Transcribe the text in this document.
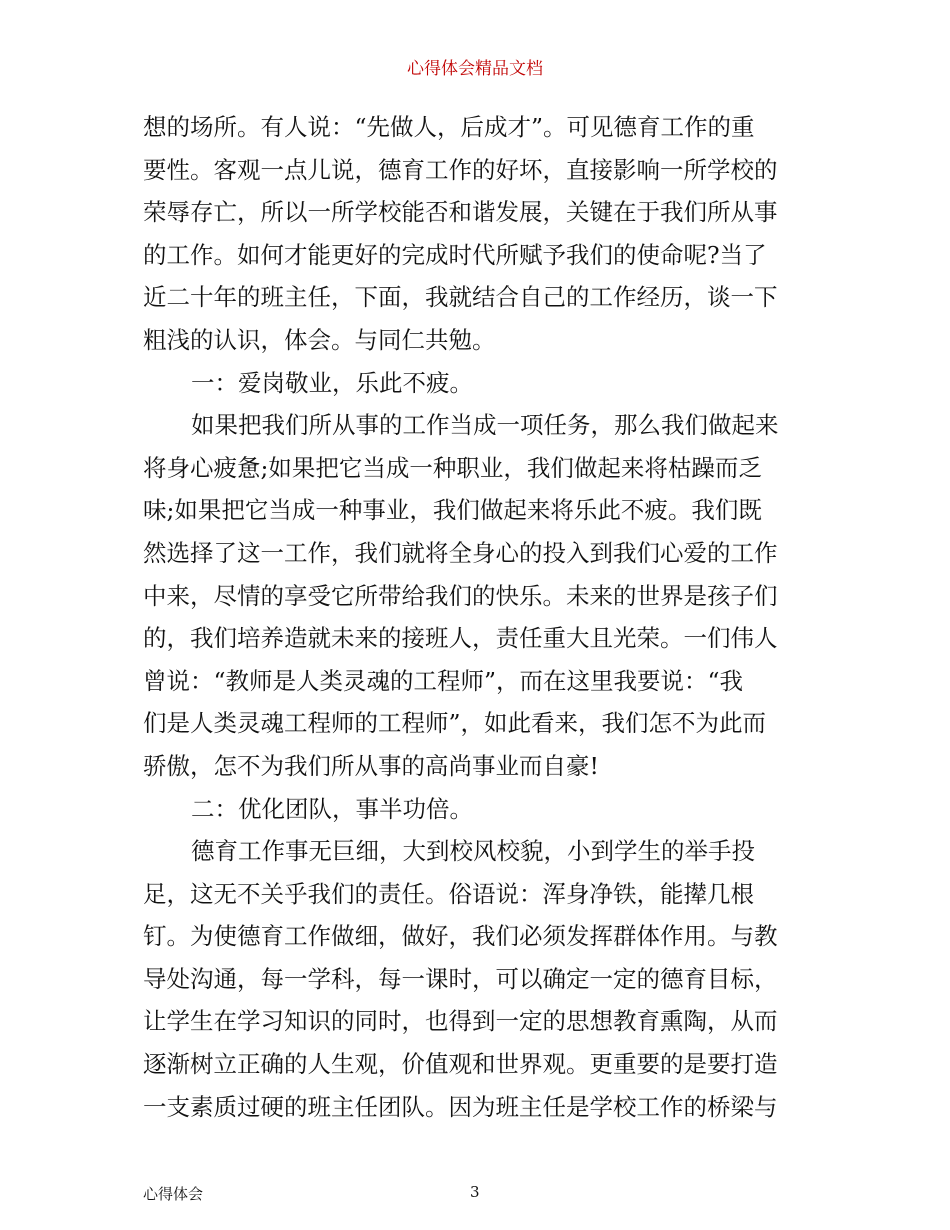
心得体会精品文档
想的场所。有人说：“先做人，后成才”。可见德育工作的重
要性。客观一点儿说，德育工作的好坏，直接影响一所学校的
荣辱存亡，所以一所学校能否和谐发展，关键在于我们所从事
的工作。如何才能更好的完成时代所赋予我们的使命呢?当了
近二十年的班主任，下面，我就结合自己的工作经历，谈一下
粗浅的认识，体会。与同仁共勉。
一：爱岗敬业，乐此不疲。
如果把我们所从事的工作当成一项任务，那么我们做起来
将身心疲惫;如果把它当成一种职业，我们做起来将枯躁而乏
味;如果把它当成一种事业，我们做起来将乐此不疲。我们既
然选择了这一工作，我们就将全身心的投入到我们心爱的工作
中来，尽情的享受它所带给我们的快乐。未来的世界是孩子们
的，我们培养造就未来的接班人，责任重大且光荣。一们伟人
曾说：“教师是人类灵魂的工程师”，而在这里我要说：“我
们是人类灵魂工程师的工程师”，如此看来，我们怎不为此而
骄傲，怎不为我们所从事的高尚事业而自豪!
二：优化团队，事半功倍。
德育工作事无巨细，大到校风校貌，小到学生的举手投
足，这无不关乎我们的责任。俗语说：浑身净铁，能撵几根
钉。为使德育工作做细，做好，我们必须发挥群体作用。与教
导处沟通，每一学科，每一课时，可以确定一定的德育目标，
让学生在学习知识的同时，也得到一定的思想教育熏陶，从而
逐渐树立正确的人生观，价值观和世界观。更重要的是要打造
一支素质过硬的班主任团队。因为班主任是学校工作的桥梁与
心得体会	3
